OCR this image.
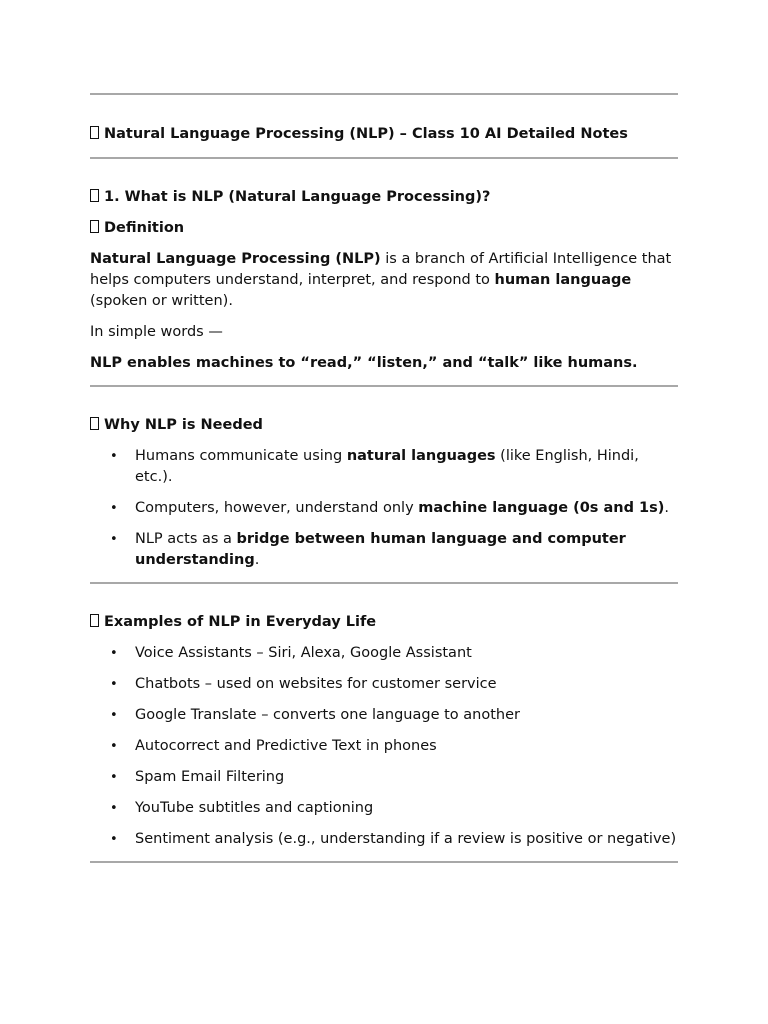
Natural Language Processing (NLP) – Class 10 AI Detailed Notes
1. What is NLP (Natural Language Processing)?
Definition

Natural Language Processing (NLP) is a branch of Artificial Intelligence that helps computers understand, interpret, and respond to human language (spoken or written).

In simple words —

NLP enables machines to “read,” “listen,” and “talk” like humans.

Why NLP is Needed
• Humans communicate using natural languages (like English, Hindi, etc.).
• Computers, however, understand only machine language (0s and 1s).
• NLP acts as a bridge between human language and computer understanding.
Examples of NLP in Everyday Life
• Voice Assistants – Siri, Alexa, Google Assistant
• Chatbots – used on websites for customer service
• Google Translate – converts one language to another
• Autocorrect and Predictive Text in phones
• Spam Email Filtering
• YouTube subtitles and captioning
• Sentiment analysis (e.g., understanding if a review is positive or negative)
